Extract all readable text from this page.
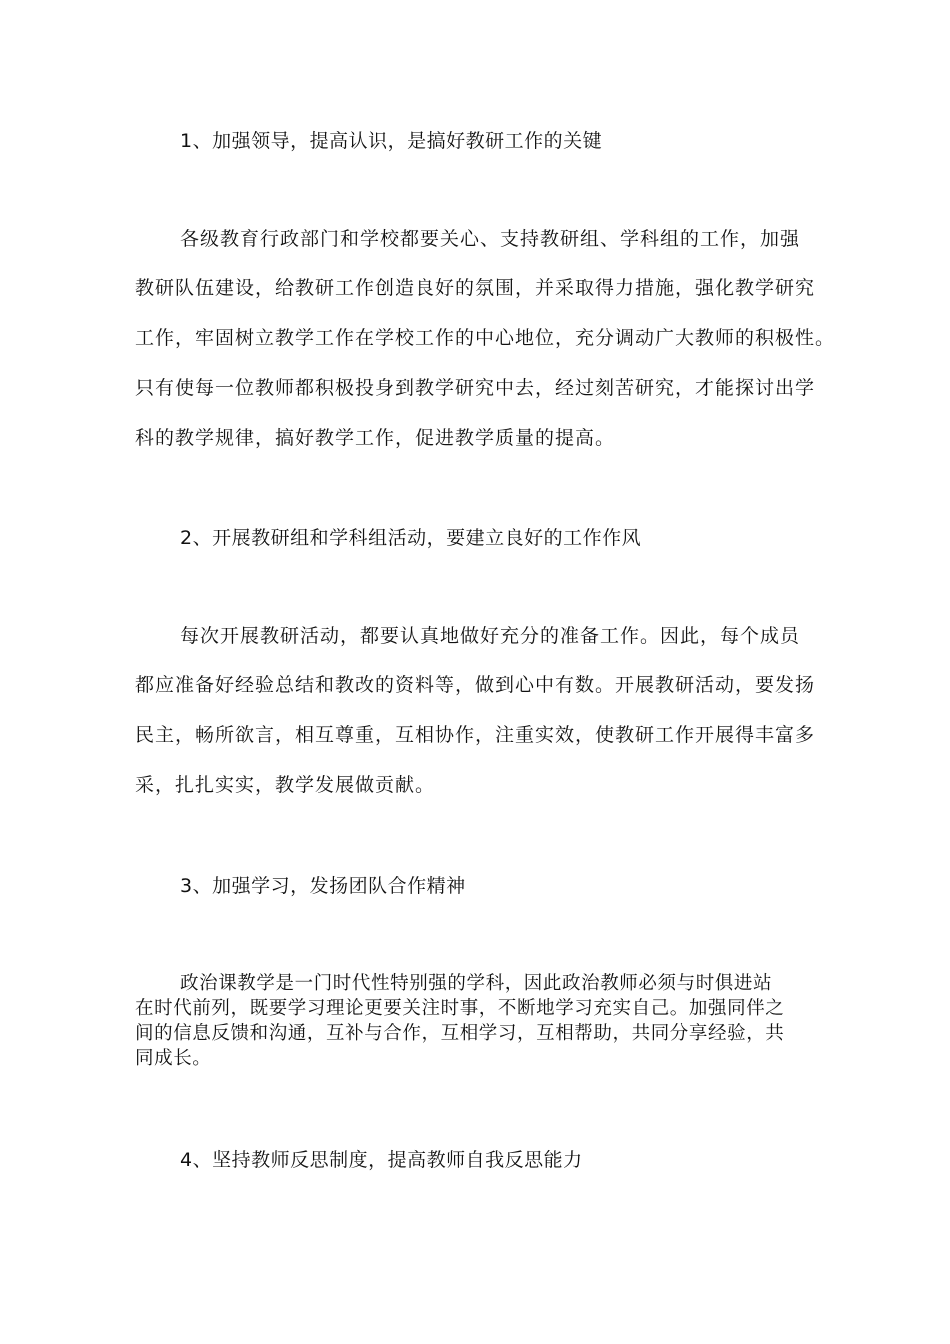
1、加强领导，提高认识，是搞好教研工作的关键
各级教育行政部门和学校都要关心、支持教研组、学科组的工作，加强
教研队伍建设，给教研工作创造良好的氛围，并采取得力措施，强化教学研究
工作，牢固树立教学工作在学校工作的中心地位，充分调动广大教师的积极性。
只有使每一位教师都积极投身到教学研究中去，经过刻苦研究，才能探讨出学
科的教学规律，搞好教学工作，促进教学质量的提高。
2、开展教研组和学科组活动，要建立良好的工作作风
每次开展教研活动，都要认真地做好充分的准备工作。因此，每个成员
都应准备好经验总结和教改的资料等，做到心中有数。开展教研活动，要发扬
民主，畅所欲言，相互尊重，互相协作，注重实效，使教研工作开展得丰富多
采，扎扎实实，教学发展做贡献。
3、加强学习，发扬团队合作精神
政治课教学是一门时代性特别强的学科，因此政治教师必须与时俱进站
在时代前列，既要学习理论更要关注时事，不断地学习充实自己。加强同伴之
间的信息反馈和沟通，互补与合作，互相学习，互相帮助，共同分享经验，共
同成长。
4、坚持教师反思制度，提高教师自我反思能力
